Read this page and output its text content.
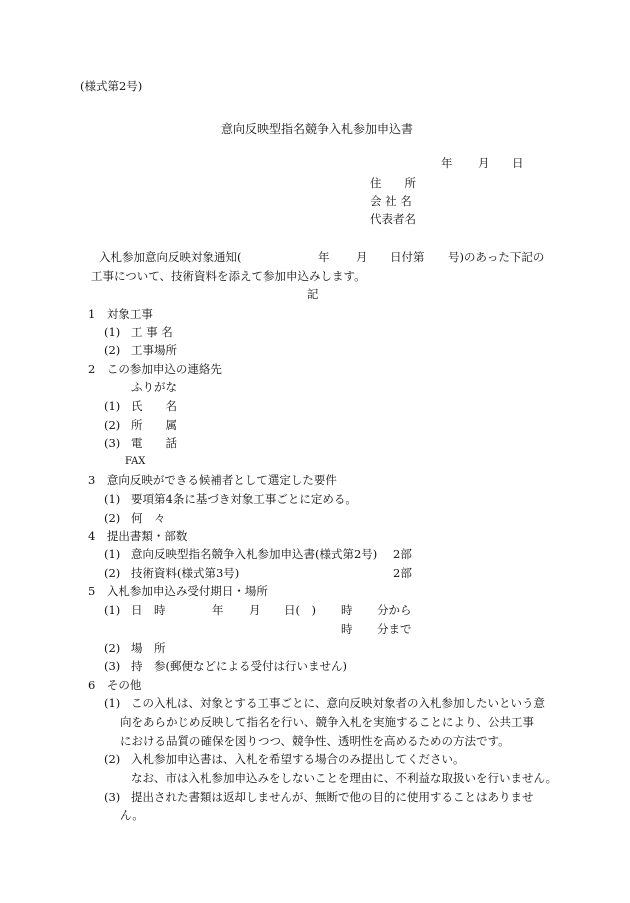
(様式第2号)
意向反映型指名競争入札参加申込書
年 月 日
住　　所
会 社 名
代表者名
入札参加意向反映対象通知(	年 月 日付第 号)のあった下記の
工事について、技術資料を添えて参加申込みします。
記
1　対象工事
(1) 工 事 名
(2) 工事場所
2　この参加申込の連絡先
ふりがな
(1) 氏　　名
(2) 所　　属
(3) 電　　話
FAX
3　意向反映ができる候補者として選定した要件
(1) 要項第4条に基づき対象工事ごとに定める。
(2) 何　々
4　提出書類・部数
(1) 意向反映型指名競争入札参加申込書(様式第2号) 2部
(2) 技術資料(様式第3号)	2部
5　入札参加申込み受付期日・場所
(1) 日　時	年 月 日(　) 時 分から
時 分まで
(2) 場　所
(3) 持　参(郵便などによる受付は行いません)
6　その他
(1) この入札は、対象とする工事ごとに、意向反映対象者の入札参加したいという意
向をあらかじめ反映して指名を行い、競争入札を実施することにより、公共工事
における品質の確保を図りつつ、競争性、透明性を高めるための方法です。
(2) 入札参加申込書は、入札を希望する場合のみ提出してください。
なお、市は入札参加申込みをしないことを理由に、不利益な取扱いを行いません。
(3) 提出された書類は返却しませんが、無断で他の目的に使用することはありませ
ん。
